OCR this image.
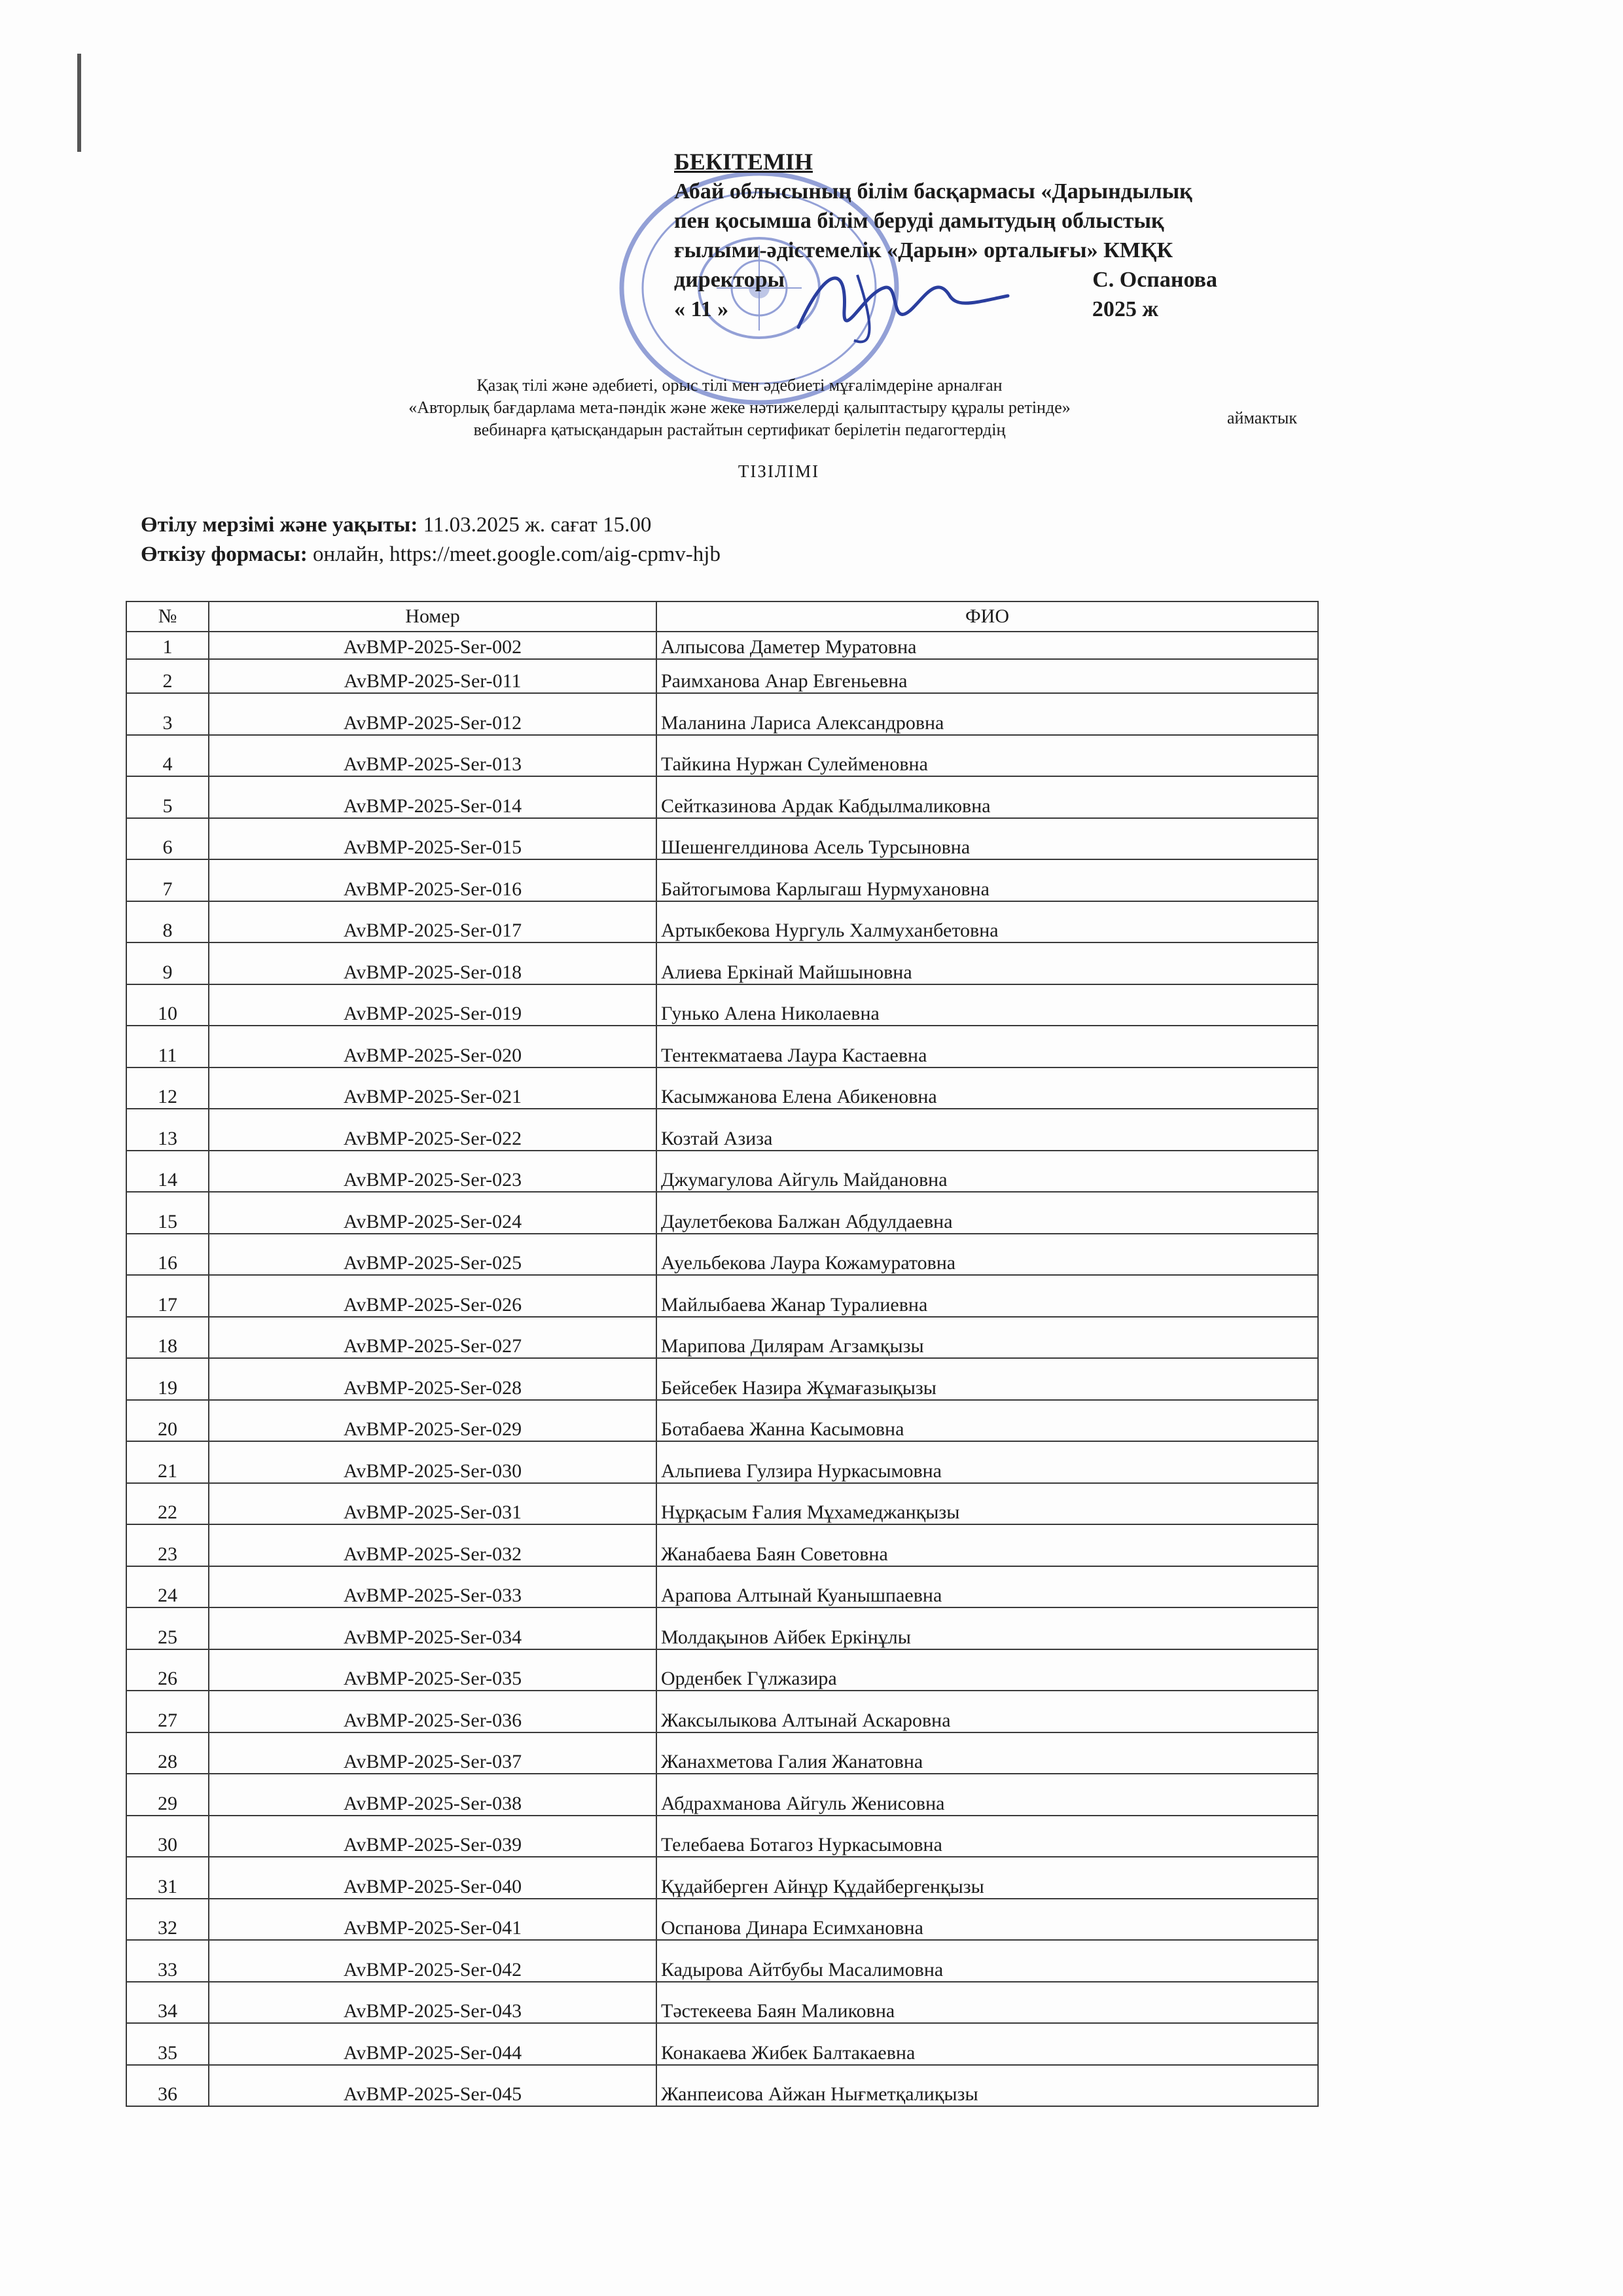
БЕКІТЕМІН
Абай облысының білім басқармасы «Дарындылық
пен қосымша білім беруді дамытудың облыстық
ғылыми-әдістемелік «Дарын» орталығы» КМҚК
директоры	С. Оспанова
« 11 »	2025 ж
Қазақ тілі және әдебиеті, орыс тілі мен әдебиеті мұғалімдеріне арналған
«Авторлық бағдарлама мета-пәндік және жеке нәтижелерді қалыптастыру құралы ретінде»
вебинарға қатысқандарын растайтын сертификат берілетін педагогтердің
аймактык
ТІЗІЛІМІ
Өтілу мерзімі және уақыты: 11.03.2025 ж. сағат 15.00
Өткізу формасы: онлайн, https://meet.google.com/aig-cpmv-hjb
№	Номер	ФИО
1	AvBMP-2025-Ser-002	Алпысова Даметер Муратовна
2	AvBMP-2025-Ser-011	Раимханова Анар Евгеньевна
3	AvBMP-2025-Ser-012	Маланина Лариса Александровна
4	AvBMP-2025-Ser-013	Тайкина Нуржан Сулейменовна
5	AvBMP-2025-Ser-014	Сейтказинова Ардак Кабдылмаликовна
6	AvBMP-2025-Ser-015	Шешенгелдинова Асель Турсыновна
7	AvBMP-2025-Ser-016	Байтогымова Карлыгаш Нурмухановна
8	AvBMP-2025-Ser-017	Артыкбекова Нургуль Халмуханбетовна
9	AvBMP-2025-Ser-018	Алиева Еркінай Майшыновна
10	AvBMP-2025-Ser-019	Гунько Алена Николаевна
11	AvBMP-2025-Ser-020	Тентекматаева Лаура Кастаевна
12	AvBMP-2025-Ser-021	Касымжанова Елена Абикеновна
13	AvBMP-2025-Ser-022	Козтай Азиза
14	AvBMP-2025-Ser-023	Джумагулова Айгуль Майдановна
15	AvBMP-2025-Ser-024	Даулетбекова Балжан Абдулдаевна
16	AvBMP-2025-Ser-025	Ауельбекова Лаура Кожамуратовна
17	AvBMP-2025-Ser-026	Майлыбаева Жанар Туралиевна
18	AvBMP-2025-Ser-027	Марипова Дилярам Агзамқызы
19	AvBMP-2025-Ser-028	Бейсебек Назира Жұмағазықызы
20	AvBMP-2025-Ser-029	Ботабаева Жанна Касымовна
21	AvBMP-2025-Ser-030	Альпиева Гулзира Нуркасымовна
22	AvBMP-2025-Ser-031	Нұрқасым Ғалия Мұхамеджанқызы
23	AvBMP-2025-Ser-032	Жанабаева Баян Советовна
24	AvBMP-2025-Ser-033	Арапова Алтынай Куанышпаевна
25	AvBMP-2025-Ser-034	Молдақынов Айбек Еркінұлы
26	AvBMP-2025-Ser-035	Орденбек Гүлжазира
27	AvBMP-2025-Ser-036	Жаксылыкова Алтынай Аскаровна
28	AvBMP-2025-Ser-037	Жанахметова Галия Жанатовна
29	AvBMP-2025-Ser-038	Абдрахманова Айгуль Женисовна
30	AvBMP-2025-Ser-039	Телебаева Ботагоз Нуркасымовна
31	AvBMP-2025-Ser-040	Құдайберген Айнұр Құдайбергенқызы
32	AvBMP-2025-Ser-041	Оспанова Динара Есимхановна
33	AvBMP-2025-Ser-042	Кадырова Айтбубы Масалимовна
34	AvBMP-2025-Ser-043	Тәстекеева Баян Маликовна
35	AvBMP-2025-Ser-044	Конакаева Жибек Балтакаевна
36	AvBMP-2025-Ser-045	Жанпеисова Айжан Нығметқалиқызы
